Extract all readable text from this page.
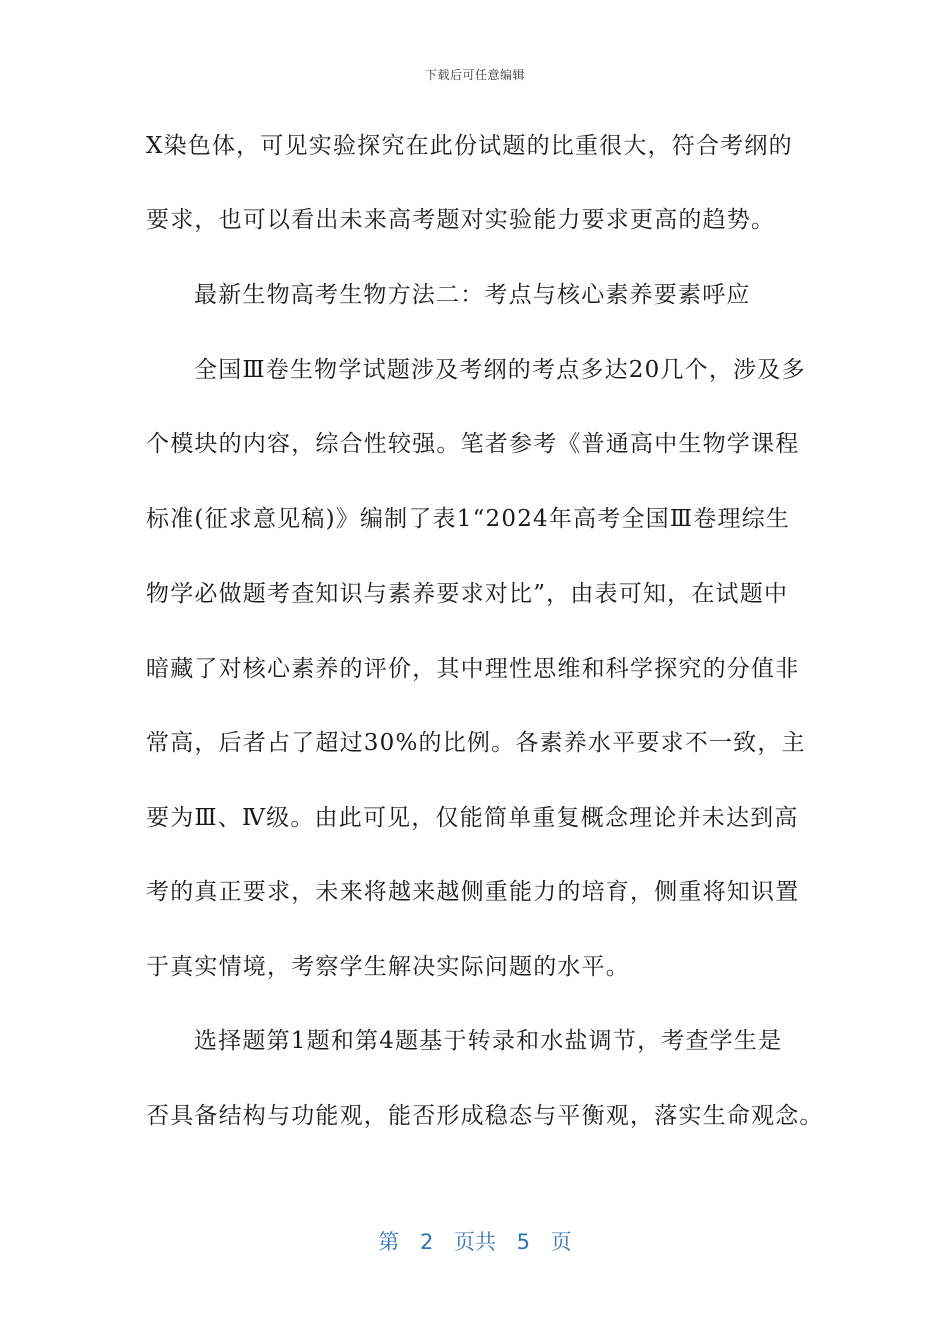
下载后可任意编辑
X染色体，可见实验探究在此份试题的比重很大，符合考纲的
要求，也可以看出未来高考题对实验能力要求更高的趋势。
最新生物高考生物方法二：考点与核心素养要素呼应
全国Ⅲ卷生物学试题涉及考纲的考点多达20几个，涉及多
个模块的内容，综合性较强。笔者参考《普通高中生物学课程
标准(征求意见稿)》编制了表1“2024年高考全国Ⅲ卷理综生
物学必做题考查知识与素养要求对比”，由表可知，在试题中
暗藏了对核心素养的评价，其中理性思维和科学探究的分值非
常高，后者占了超过30%的比例。各素养水平要求不一致，主
要为Ⅲ、Ⅳ级。由此可见，仅能简单重复概念理论并未达到高
考的真正要求，未来将越来越侧重能力的培育，侧重将知识置
于真实情境，考察学生解决实际问题的水平。
选择题第1题和第4题基于转录和水盐调节，考查学生是
否具备结构与功能观，能否形成稳态与平衡观，落实生命观念。
第 2 页共 5 页
